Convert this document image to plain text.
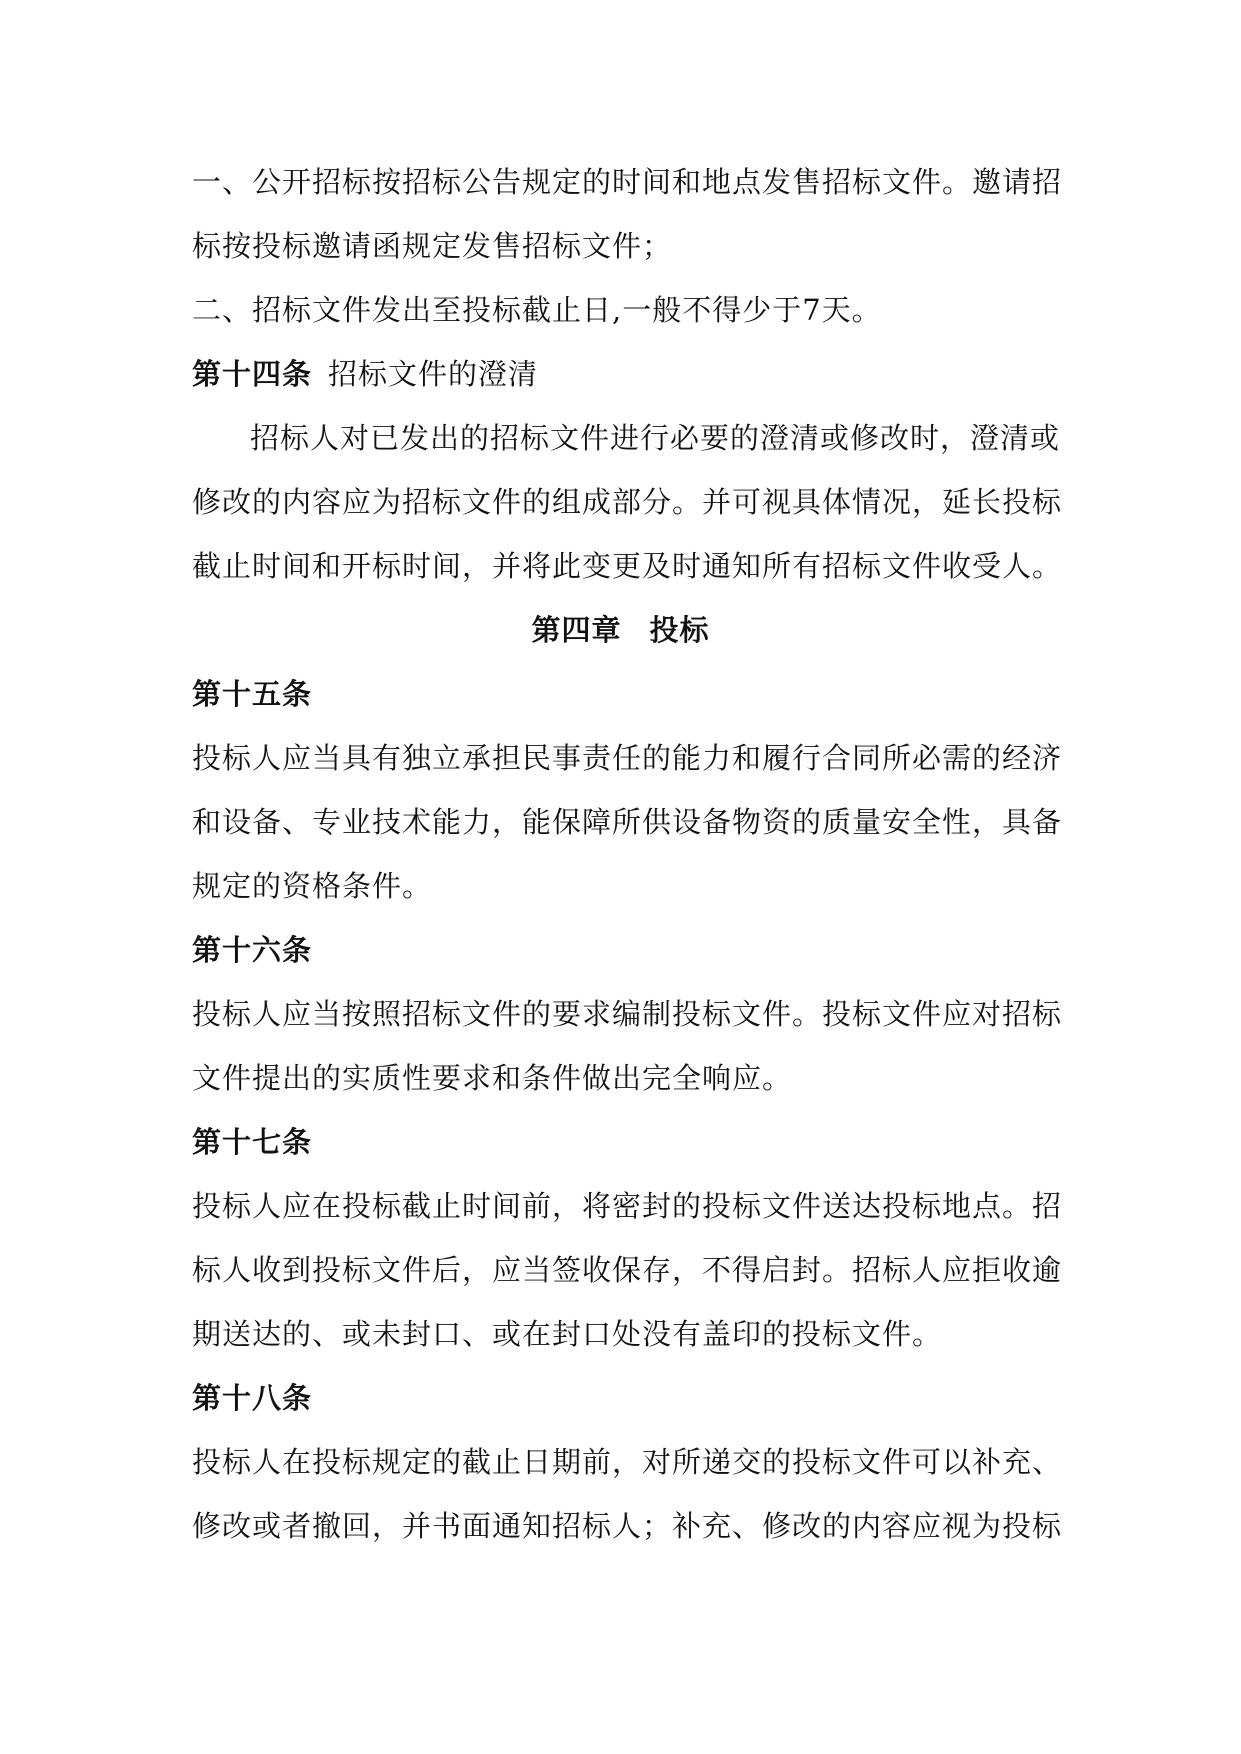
一、公开招标按招标公告规定的时间和地点发售招标文件。邀请招
标按投标邀请函规定发售招标文件；
二、招标文件发出至投标截止日,一般不得少于7天。
第十四条 招标文件的澄清
招标人对已发出的招标文件进行必要的澄清或修改时，澄清或
修改的内容应为招标文件的组成部分。并可视具体情况，延长投标
截止时间和开标时间，并将此变更及时通知所有招标文件收受人。
第四章 投标
第十五条
投标人应当具有独立承担民事责任的能力和履行合同所必需的经济
和设备、专业技术能力，能保障所供设备物资的质量安全性，具备
规定的资格条件。
第十六条
投标人应当按照招标文件的要求编制投标文件。投标文件应对招标
文件提出的实质性要求和条件做出完全响应。
第十七条
投标人应在投标截止时间前，将密封的投标文件送达投标地点。招
标人收到投标文件后，应当签收保存，不得启封。招标人应拒收逾
期送达的、或未封口、或在封口处没有盖印的投标文件。
第十八条
投标人在投标规定的截止日期前，对所递交的投标文件可以补充、
修改或者撤回，并书面通知招标人；补充、修改的内容应视为投标
